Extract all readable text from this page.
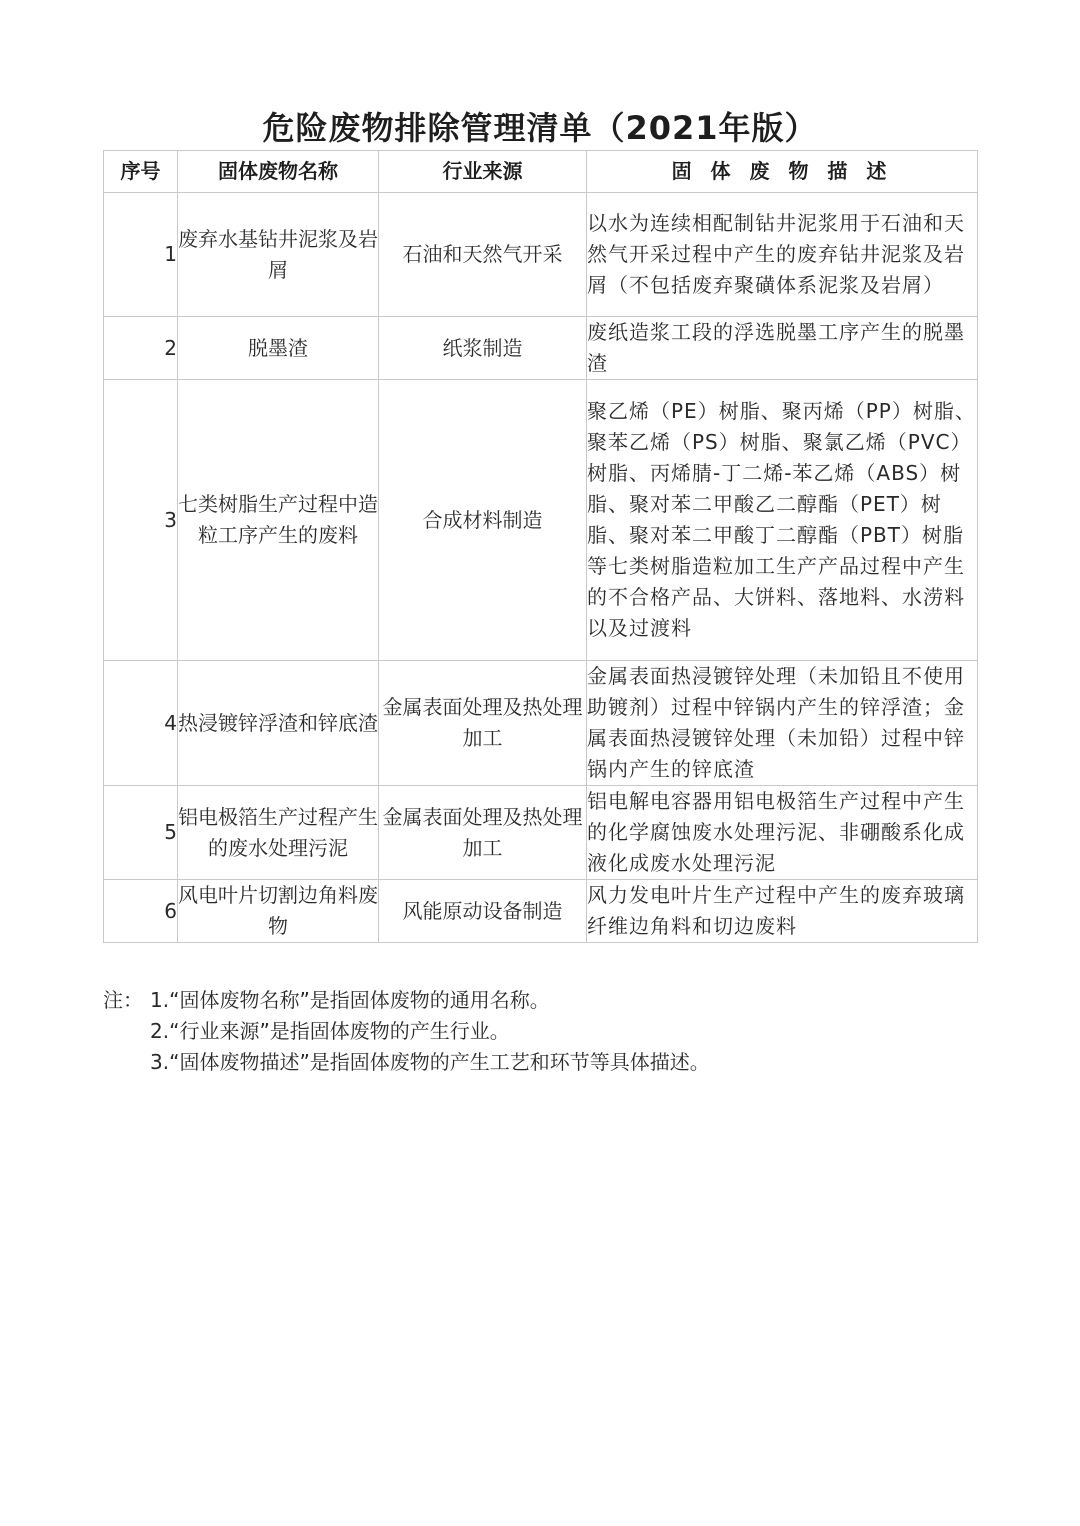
危险废物排除管理清单（2021年版）
序号	固体废物名称	行业来源	固 体 废 物 描 述
1	废弃水基钻井泥浆及岩屑	石油和天然气开采	以水为连续相配制钻井泥浆用于石油和天然气开采过程中产生的废弃钻井泥浆及岩屑（不包括废弃聚磺体系泥浆及岩屑）
2	脱墨渣	纸浆制造	废纸造浆工段的浮选脱墨工序产生的脱墨渣
3	七类树脂生产过程中造粒工序产生的废料	合成材料制造	聚乙烯（PE）树脂、聚丙烯（PP）树脂、聚苯乙烯（PS）树脂、聚氯乙烯（PVC）树脂、丙烯腈-丁二烯-苯乙烯（ABS）树脂、聚对苯二甲酸乙二醇酯（PET）树脂、聚对苯二甲酸丁二醇酯（PBT）树脂等七类树脂造粒加工生产产品过程中产生的不合格产品、大饼料、落地料、水涝料以及过渡料
4	热浸镀锌浮渣和锌底渣	金属表面处理及热处理加工	金属表面热浸镀锌处理（未加铅且不使用助镀剂）过程中锌锅内产生的锌浮渣；金属表面热浸镀锌处理（未加铅）过程中锌锅内产生的锌底渣
5	铝电极箔生产过程产生的废水处理污泥	金属表面处理及热处理加工	铝电解电容器用铝电极箔生产过程中产生的化学腐蚀废水处理污泥、非硼酸系化成液化成废水处理污泥
6	风电叶片切割边角料废物	风能原动设备制造	风力发电叶片生产过程中产生的废弃玻璃纤维边角料和切边废料
注： 1.“固体废物名称”是指固体废物的通用名称。
2.“行业来源”是指固体废物的产生行业。
3.“固体废物描述”是指固体废物的产生工艺和环节等具体描述。
